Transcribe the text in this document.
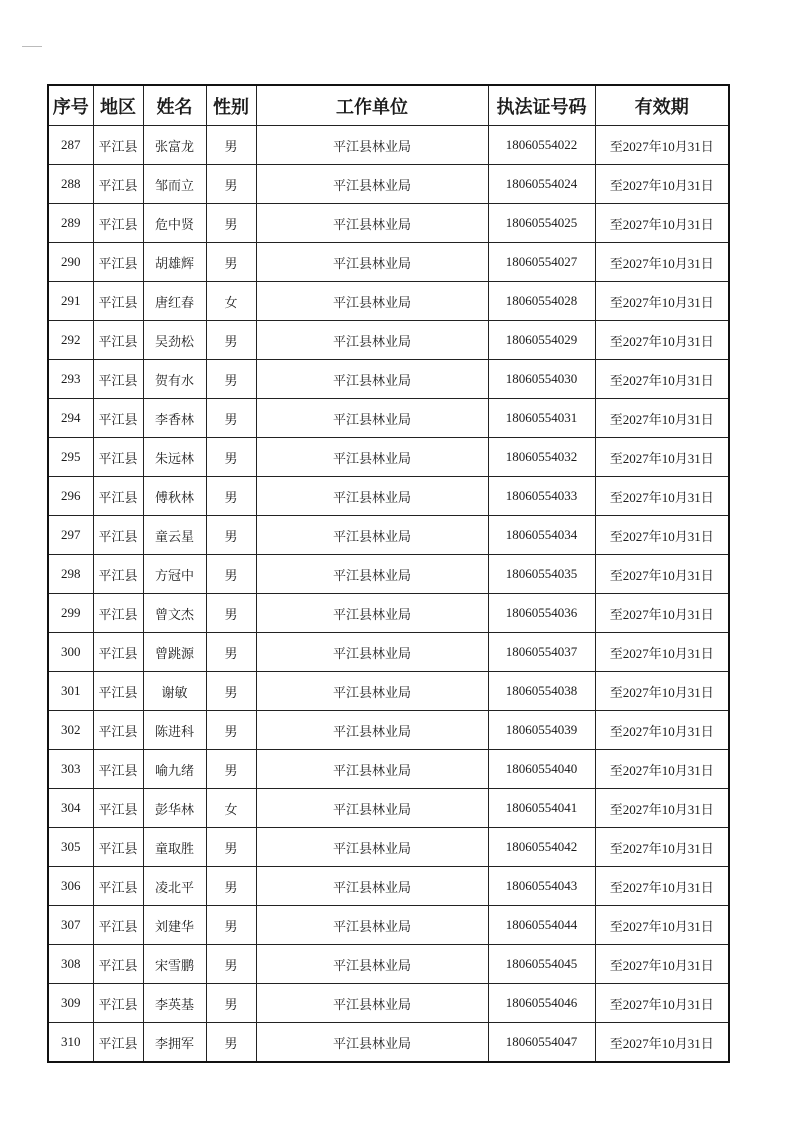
序号	地区	姓名	性别	工作单位	执法证号码	有效期
287	平江县	张富龙	男	平江县林业局	18060554022	至2027年10月31日
288	平江县	邹而立	男	平江县林业局	18060554024	至2027年10月31日
289	平江县	危中贤	男	平江县林业局	18060554025	至2027年10月31日
290	平江县	胡雄辉	男	平江县林业局	18060554027	至2027年10月31日
291	平江县	唐红春	女	平江县林业局	18060554028	至2027年10月31日
292	平江县	吴劲松	男	平江县林业局	18060554029	至2027年10月31日
293	平江县	贺有水	男	平江县林业局	18060554030	至2027年10月31日
294	平江县	李香林	男	平江县林业局	18060554031	至2027年10月31日
295	平江县	朱远林	男	平江县林业局	18060554032	至2027年10月31日
296	平江县	傅秋林	男	平江县林业局	18060554033	至2027年10月31日
297	平江县	童云星	男	平江县林业局	18060554034	至2027年10月31日
298	平江县	方冠中	男	平江县林业局	18060554035	至2027年10月31日
299	平江县	曾文杰	男	平江县林业局	18060554036	至2027年10月31日
300	平江县	曾跳源	男	平江县林业局	18060554037	至2027年10月31日
301	平江县	谢敏	男	平江县林业局	18060554038	至2027年10月31日
302	平江县	陈进科	男	平江县林业局	18060554039	至2027年10月31日
303	平江县	喻九绪	男	平江县林业局	18060554040	至2027年10月31日
304	平江县	彭华林	女	平江县林业局	18060554041	至2027年10月31日
305	平江县	童取胜	男	平江县林业局	18060554042	至2027年10月31日
306	平江县	凌北平	男	平江县林业局	18060554043	至2027年10月31日
307	平江县	刘建华	男	平江县林业局	18060554044	至2027年10月31日
308	平江县	宋雪鹏	男	平江县林业局	18060554045	至2027年10月31日
309	平江县	李英基	男	平江县林业局	18060554046	至2027年10月31日
310	平江县	李拥军	男	平江县林业局	18060554047	至2027年10月31日
